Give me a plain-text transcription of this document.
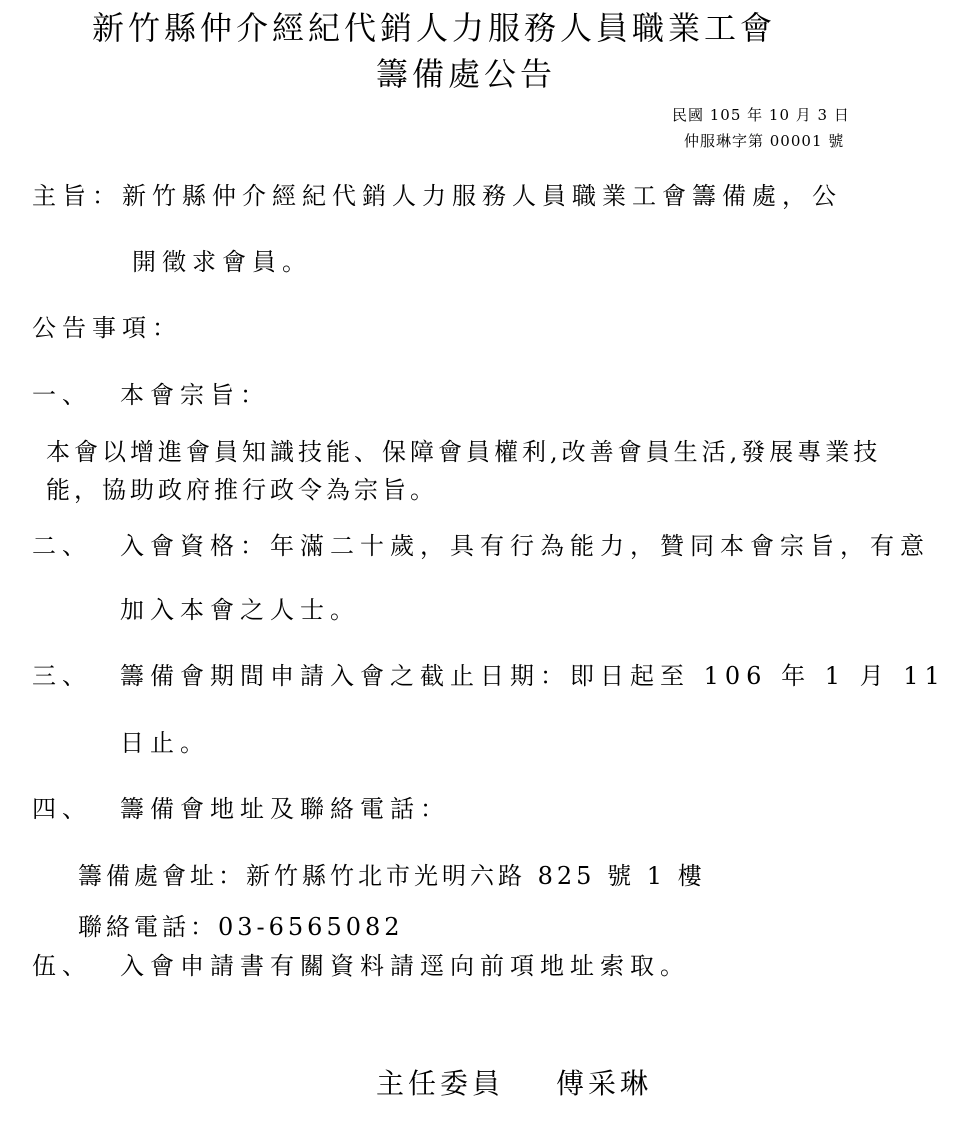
新竹縣仲介經紀代銷人力服務人員職業工會
籌備處公告
民國 105 年 10 月 3 日
仲服琳字第 00001 號
主旨：新竹縣仲介經紀代銷人力服務人員職業工會籌備處，公
開徵求會員。
公告事項：
一、 本會宗旨：
本會以增進會員知識技能、保障會員權利,改善會員生活,發展專業技
能，協助政府推行政令為宗旨。
二、 入會資格：年滿二十歲，具有行為能力，贊同本會宗旨，有意
加入本會之人士。
三、 籌備會期間申請入會之截止日期：即日起至 106 年 1 月 11
日止。
四、 籌備會地址及聯絡電話：
籌備處會址：新竹縣竹北市光明六路 825 號 1 樓
聯絡電話：03-6565082
伍、 入會申請書有關資料請逕向前項地址索取。
主任委員 傅采琳
